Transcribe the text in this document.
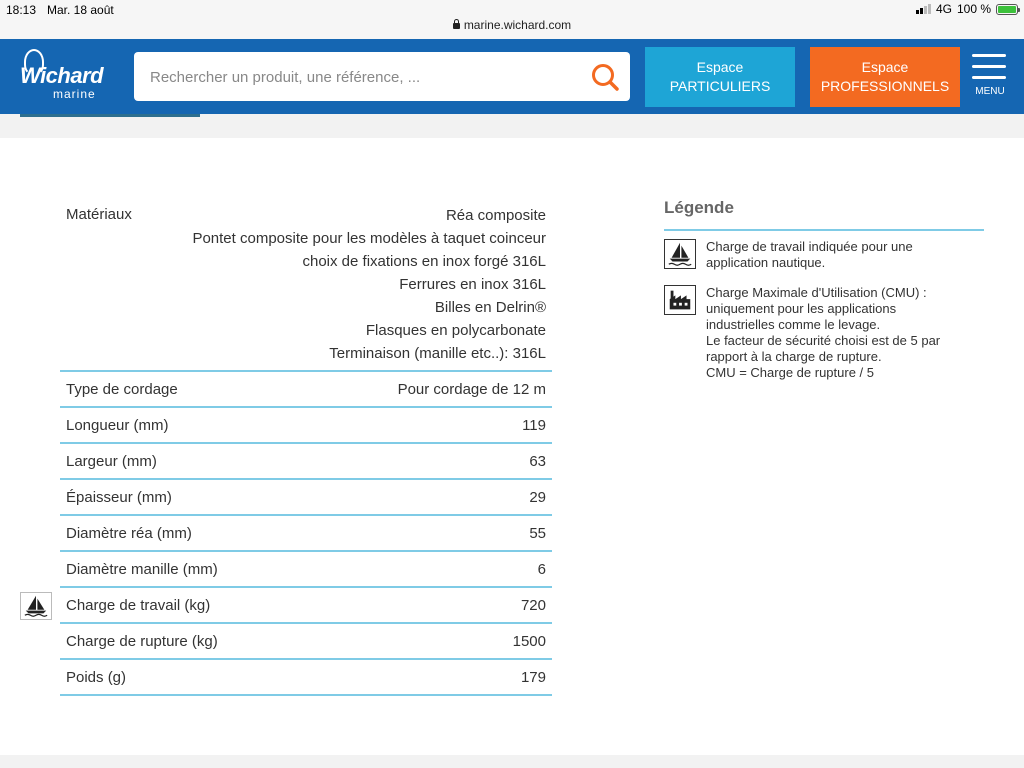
18:13 Mar. 18 août	4G 100 %
marine.wichard.com
Wichard
marine
Rechercher un produit, une référence, ...
Espace
PARTICULIERS
Espace
PROFESSIONNELS	MENU
Matériaux	Réa composite
Pontet composite pour les modèles à taquet coinceur
choix de fixations en inox forgé 316L
Ferrures en inox 316L
Billes en Delrin®
Flasques en polycarbonate
Terminaison (manille etc..): 316L
Type de cordage	Pour cordage de 12 m
Longueur (mm)	119
Largeur (mm)	63
Épaisseur (mm)	29
Diamètre réa (mm)	55
Diamètre manille (mm)	6
Charge de travail (kg)	720
Charge de rupture (kg)	1500
Poids (g)	179
Légende
Charge de travail indiquée pour une
application nautique.
Charge Maximale d'Utilisation (CMU) :
uniquement pour les applications
industrielles comme le levage.
Le facteur de sécurité choisi est de 5 par
rapport à la charge de rupture.
CMU = Charge de rupture / 5
